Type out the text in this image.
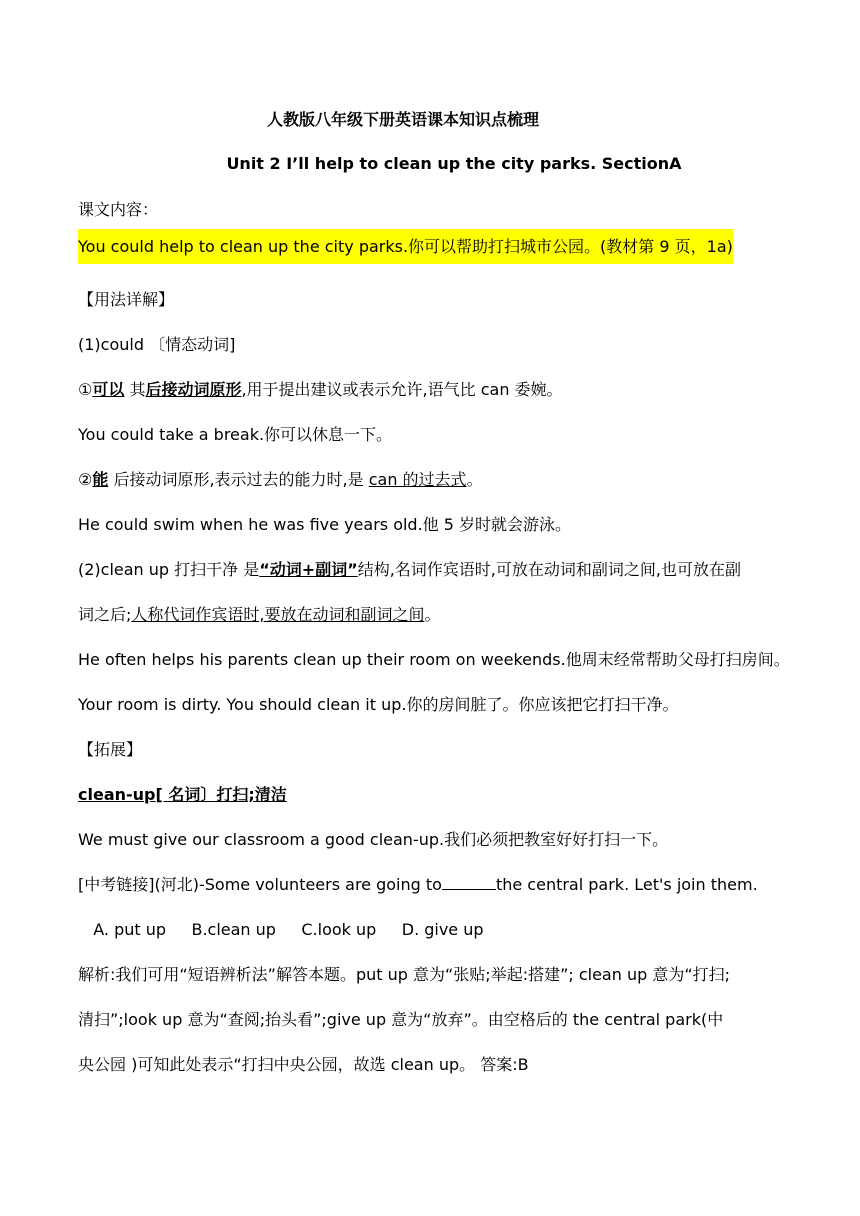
人教版八年级下册英语课本知识点梳理
Unit 2 I’ll help to clean up the city parks. SectionA
课文内容：
You could help to clean up the city parks.你可以帮助打扫城市公园。(教材第 9 页，1a)
【用法详解】
(1)could 〔情态动词]
①可以 其后接动词原形,用于提出建议或表示允许,语气比 can 委婉。
You could take a break.你可以休息一下。
②能 后接动词原形,表示过去的能力时,是 can 的过去式。
He could swim when he was five years old.他 5 岁时就会游泳。
(2)clean up 打扫干净 是“动词+副词”结构,名词作宾语时,可放在动词和副词之间,也可放在副
词之后;人称代词作宾语时,要放在动词和副词之间。
He often helps his parents clean up their room on weekends.他周末经常帮助父母打扫房间。
Your room is dirty. You should clean it up.你的房间脏了。你应该把它打扫干净。
【拓展】
clean-up[ 名词〕打扫;清洁
We must give our classroom a good clean-up.我们必须把教室好好打扫一下。
[中考链接](河北)-Some volunteers are going to	the central park. Let's join them.
A. put up     B.clean up     C.look up     D. give up
解析:我们可用“短语辨析法”解答本题。put up 意为“张贴;举起:搭建”; clean up 意为“打扫;
清扫”;look up 意为“查阅;抬头看”;give up 意为“放弃”。由空格后的 the central park(中
央公园 )可知此处表示“打扫中央公园，故选 clean up。 答案:B
